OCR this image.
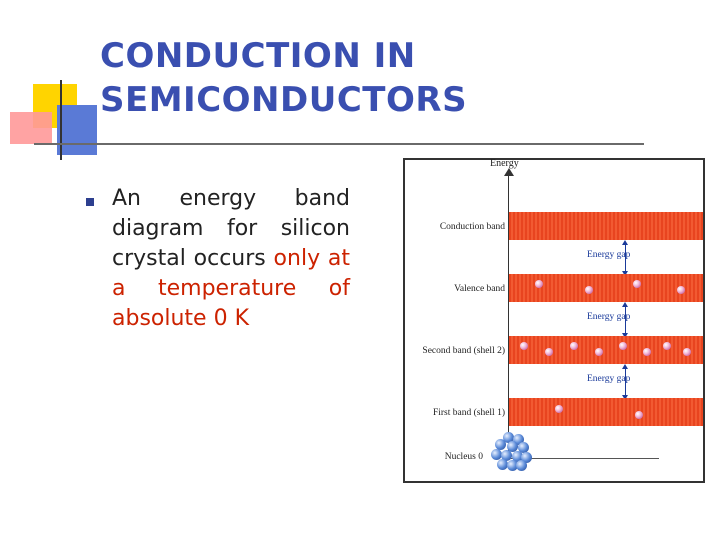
CONDUCTION IN
SEMICONDUCTORS

An energy band diagram for silicon crystal occurs only at a temperature of absolute 0 K

Energy
Conduction band
Energy gap
Valence band
Energy gap
Second band (shell 2)
Energy gap
First band (shell 1)
Nucleus 0
